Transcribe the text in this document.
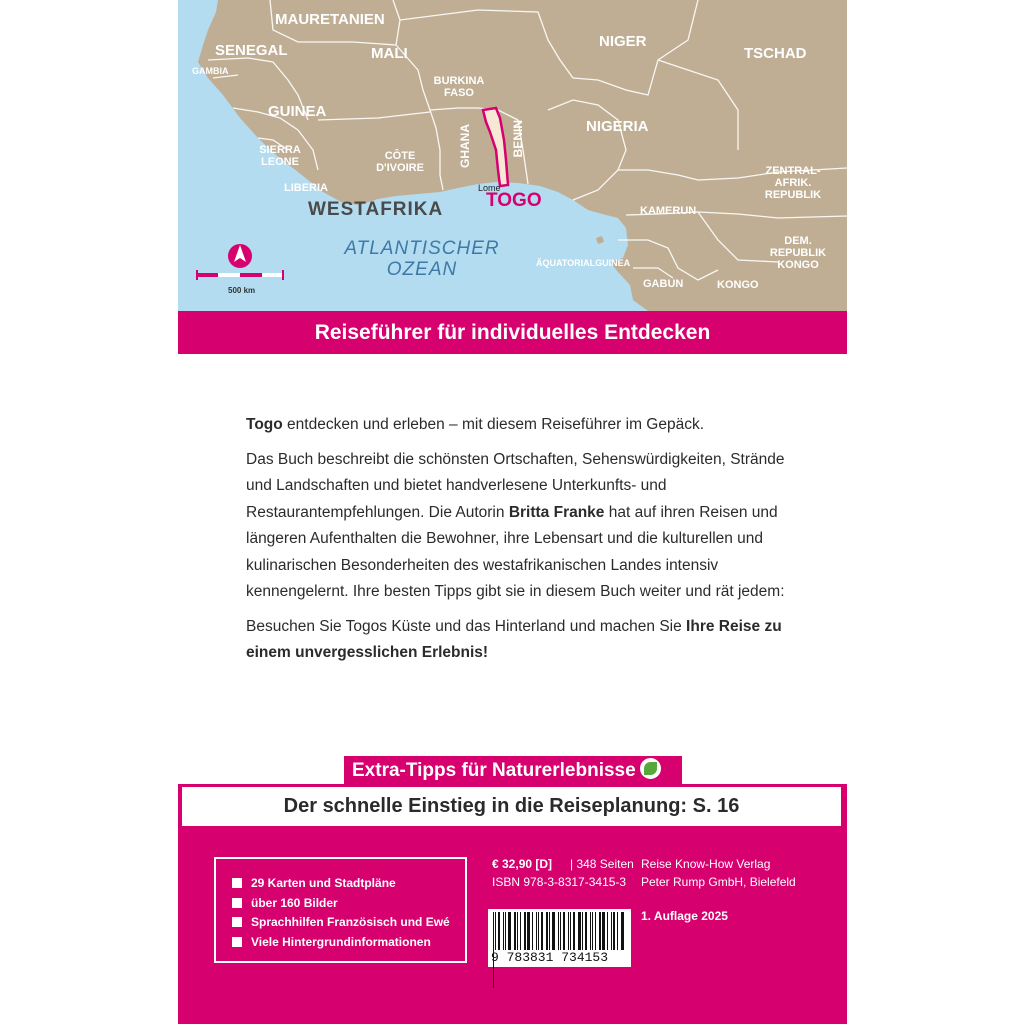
MAURETANIEN
SENEGAL
GAMBIA
MALI
NIGER
TSCHAD
BURKINA FASO
GUINEA
SIERRA LEONE	CÔTE D'IVOIRE
LIBERIA
GHANA	BENIN	NIGERIA
ZENTRAL- AFRIK. REPUBLIK
KAMERUN
DEM. REPUBLIK KONGO
ÄQUATORIALGUINEA
GABUN	KONGO
WESTAFRIKA
ATLANTISCHER OZEAN
TOGO
Lome
500 km
Reiseführer für individuelles Entdecken

Togo entdecken und erleben – mit diesem Reiseführer im Gepäck.

Das Buch beschreibt die schönsten Ortschaften, Sehenswürdigkeiten, Strände und Landschaften und bietet handverlesene Unterkunfts- und Restaurantempfehlungen. Die Autorin Britta Franke hat auf ihren Reisen und längeren Aufenthalten die Bewohner, ihre Lebensart und die kulturellen und kulinarischen Besonderheiten des westafrikanischen Landes intensiv kennengelernt. Ihre besten Tipps gibt sie in diesem Buch weiter und rät jedem:

Besuchen Sie Togos Küste und das Hinterland und machen Sie Ihre Reise zu einem unvergesslichen Erlebnis!

Extra-Tipps für Naturerlebnisse
Der schnelle Einstieg in die Reiseplanung: S. 16
29 Karten und Stadtpläne
über 160 Bilder
Sprachhilfen Französisch und Ewé
Viele Hintergrundinformationen
€ 32,90 [D] | 348 Seiten
ISBN 978-3-8317-3415-3
Reise Know-How Verlag
Peter Rump GmbH, Bielefeld
1. Auflage 2025
9 783831 734153
